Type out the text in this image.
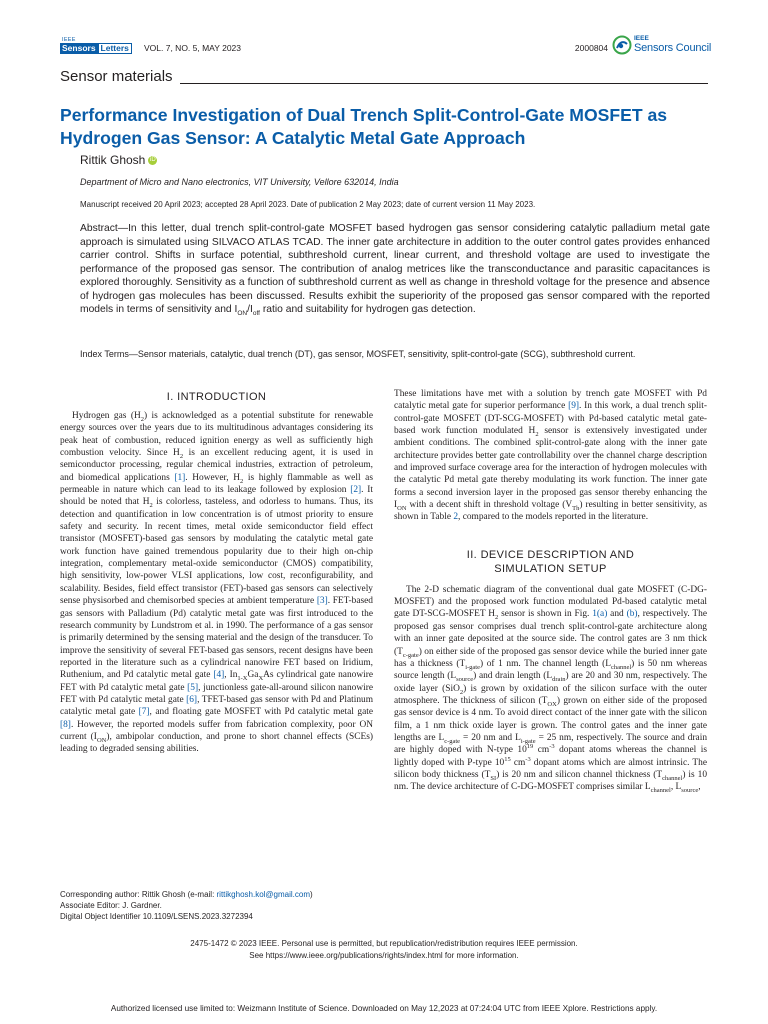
IEEE
Sensors Letters	VOL. 7, NO. 5, MAY 2023	2000804
IEEE
Sensors Council
Sensor materials
Performance Investigation of Dual Trench Split-Control-Gate MOSFET as Hydrogen Gas Sensor: A Catalytic Metal Gate Approach
Rittik Ghosh iD
Department of Micro and Nano electronics, VIT University, Vellore 632014, India
Manuscript received 20 April 2023; accepted 28 April 2023. Date of publication 2 May 2023; date of current version 11 May 2023.
Abstract—In this letter, dual trench split-control-gate MOSFET based hydrogen gas sensor considering catalytic palladium metal gate approach is simulated using SILVACO ATLAS TCAD. The inner gate architecture in addition to the outer control gates provides enhanced carrier control. Shifts in surface potential, subthreshold current, linear current, and threshold voltage are used to investigate the performance of the proposed gas sensor. The contribution of analog metrices like the transconductance and parasitic capacitances is explored thoroughly. Sensitivity as a function of subthreshold current as well as change in threshold voltage for the presence and absence of hydrogen gas molecules has been discussed. Results exhibit the superiority of the proposed gas sensor compared with the reported models in terms of sensitivity and $I_{ON}/I_{off}$ ratio and suitability for hydrogen gas detection.
Index Terms—Sensor materials, catalytic, dual trench (DT), gas sensor, MOSFET, sensitivity, split-control-gate (SCG), subthreshold current.
I. INTRODUCTION

Hydrogen gas $(H_2)$ is acknowledged as a potential substitute for renewable energy sources over the years due to its multitudinous advantages considering its peak heat of combustion, reduced ignition energy as well as sufficiently high combustion velocity. Since $H_2$ is an excellent reducing agent, it is used in semiconductor processing, regular chemical industries, extraction of petroleum, and biomedical applications [1]. However, $H_2$ is highly flammable as well as permeable in nature which can lead to its leakage followed by explosion [2]. It should be noted that $H_2$ is colorless, tasteless, and odorless to humans. Thus, its detection and quantification in low concentration is of utmost priority to ensure safety and security. In recent times, metal oxide semiconductor field effect transistor (MOSFET)-based gas sensors by modulating the catalytic metal gate work function have gained tremendous popularity due to their high on-chip integration, complementary metal-oxide semiconductor (CMOS) compatibility, high sensitivity, low-power VLSI applications, low cost, reconfigurability, and scalability. Besides, field effect transistor (FET)-based gas sensors can selectively sense physisorbed and chemisorbed species at ambient temperature [3]. FET-based gas sensors with Palladium (Pd) catalytic metal gate was first introduced to the research community by Lundstrom et al. in 1990. The performance of a gas sensor is primarily determined by the sensing material and the design of the transducer. To improve the sensitivity of several FET-based gas sensors, recent designs have been reported in the literature such as a cylindrical nanowire FET based on Iridium, Ruthenium, and Pd catalytic metal gate [4], $In_{1-X}Ga_XAs$ cylindrical gate nanowire FET with Pd catalytic metal gate [5], junctionless gate-all-around silicon nanowire FET with Pd catalytic metal gate [6], TFET-based gas sensor with Pd and Platinum catalytic metal gate [7], and floating gate MOSFET with Pd catalytic metal gate [8]. However, the reported models suffer from fabrication complexity, poor ON current $(I_{ON})$, ambipolar conduction, and prone to short channel effects (SCEs) leading to degraded sensing abilities.

These limitations have met with a solution by trench gate MOSFET with Pd catalytic metal gate for superior performance [9]. In this work, a dual trench split-control-gate MOSFET (DT-SCG-MOSFET) with Pd-based catalytic metal gate-based work function modulated $H_2$ sensor is extensively investigated under ambient conditions. The combined split-control-gate along with the inner gate architecture provides better gate controllability over the channel charge description and improved surface coverage area for the interaction of hydrogen molecules with the catalytic Pd metal gate thereby modulating its work function. The inner gate forms a second inversion layer in the proposed gas sensor thereby enhancing the $I_{ON}$ with a decent shift in threshold voltage $(V_{Th})$ resulting in better sensitivity, as shown in Table 2, compared to the models reported in the literature.

II. DEVICE DESCRIPTION AND
SIMULATION SETUP

The 2-D schematic diagram of the conventional dual gate MOSFET (C-DG-MOSFET) and the proposed work function modulated Pd-based catalytic metal gate DT-SCG-MOSFET $H_2$ sensor is shown in Fig. 1(a) and (b), respectively. The proposed gas sensor comprises dual trench split-control-gate architecture along with an inner gate deposited at the source side. The control gates are 3 nm thick $(T_{c-gate})$ on either side of the proposed gas sensor device while the buried inner gate has a thickness $(T_{i-gate})$ of 1 nm. The channel length $(L_{channel})$ is 50 nm whereas source length $(L_{source})$ and drain length $(L_{drain})$ are 20 and 30 nm, respectively. The oxide layer (SiO$_2$) is grown by oxidation of the silicon surface with the outer atmosphere. The thickness of silicon $(T_{OX})$ grown on either side of the proposed gas sensor device is 4 nm. To avoid direct contact of the inner gate with the silicon film, a 1 nm thick oxide layer is grown. The control gates and the inner gate lengths are $L_{c-gate} = 20$ nm and $L_{i-gate} = 25$ nm, respectively. The source and drain are highly doped with N-type $10^{19}$ $cm^{-3}$ dopant atoms whereas the channel is lightly doped with P-type $10^{15}$ $cm^{-3}$ dopant atoms which are almost intrinsic. The silicon body thickness $(T_{SI})$ is 20 nm and silicon channel thickness $(T_{channel})$ is 10 nm. The device architecture of C-DG-MOSFET comprises similar $L_{channel}$, $L_{source}$,

Corresponding author: Rittik Ghosh (e-mail: rittikghosh.kol@gmail.com)
Associate Editor: J. Gardner.
Digital Object Identifier 10.1109/LSENS.2023.3272394
2475-1472 © 2023 IEEE. Personal use is permitted, but republication/redistribution requires IEEE permission.
See https://www.ieee.org/publications/rights/index.html for more information.
Authorized licensed use limited to: Weizmann Institute of Science. Downloaded on May 12,2023 at 07:24:04 UTC from IEEE Xplore. Restrictions apply.
